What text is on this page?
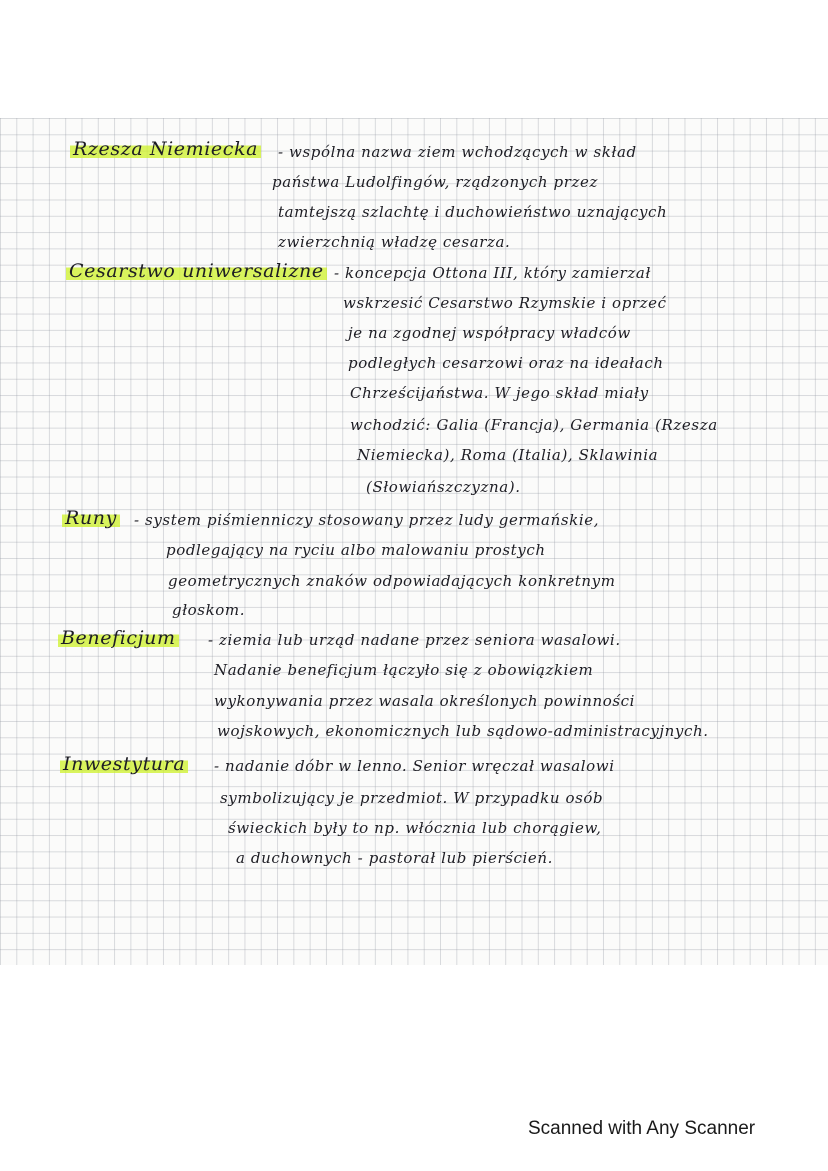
Rzesza Niemiecka - wspólna nazwa ziem wchodzących w skład
państwa Ludolfingów, rządzonych przez
tamtejszą szlachtę i duchowieństwo uznających
zwierzchnią władzę cesarza.
Cesarstwo uniwersalizne - koncepcja Ottona III, który zamierzał
wskrzesić Cesarstwo Rzymskie i oprzeć
je na zgodnej współpracy władców
podległych cesarzowi oraz na ideałach
Chrześcijaństwa. W jego skład miały
wchodzić: Galia (Francja), Germania (Rzesza
Niemiecka), Roma (Italia), Sklawinia
(Słowiańszczyzna).
Runy - system piśmienniczy stosowany przez ludy germańskie,
podlegający na ryciu albo malowaniu prostych
geometrycznych znaków odpowiadających konkretnym
głoskom.
Beneficjum - ziemia lub urząd nadane przez seniora wasalowi.
Nadanie beneficjum łączyło się z obowiązkiem
wykonywania przez wasala określonych powinności
wojskowych, ekonomicznych lub sądowo-administracyjnych.
Inwestytura - nadanie dóbr w lenno. Senior wręczał wasalowi
symbolizujący je przedmiot. W przypadku osób
świeckich były to np. włócznia lub chorągiew,
a duchownych - pastorał lub pierścień.
Scanned with Any Scanner
